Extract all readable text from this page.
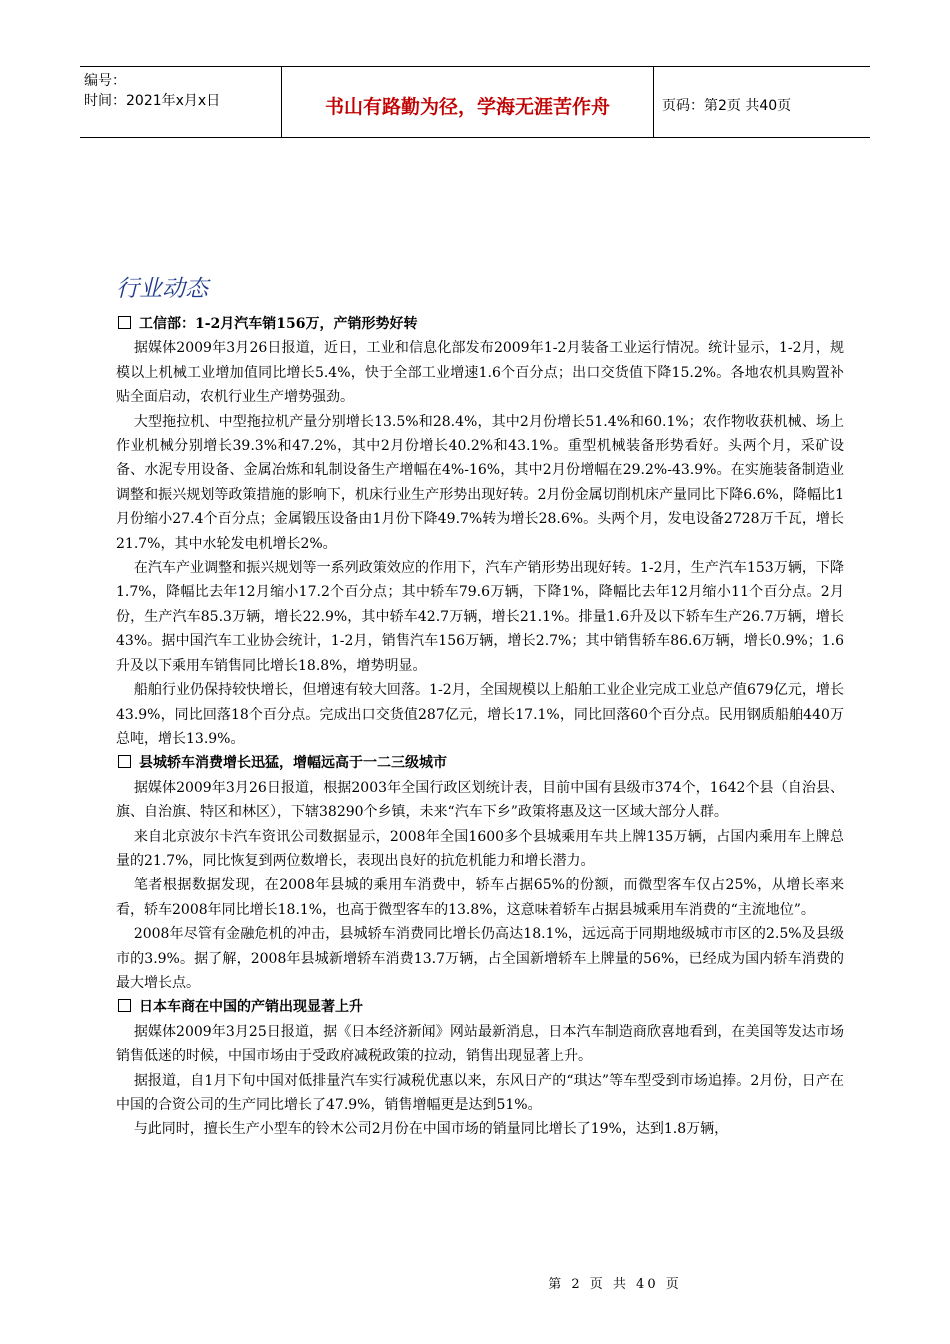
编号：
时间：2021年x月x日	书山有路勤为径，学海无涯苦作舟	页码：第2页 共40页
行业动态
工信部：1-2月汽车销156万，产销形势好转

据媒体2009年3月26日报道，近日，工业和信息化部发布2009年1-2月装备工业运行情况。统计显示，1-2月，规模以上机械工业增加值同比增长5.4%，快于全部工业增速1.6个百分点；出口交货值下降15.2%。各地农机具购置补贴全面启动，农机行业生产增势强劲。

大型拖拉机、中型拖拉机产量分别增长13.5%和28.4%，其中2月份增长51.4%和60.1%；农作物收获机械、场上作业机械分别增长39.3%和47.2%，其中2月份增长40.2%和43.1%。重型机械装备形势看好。头两个月，采矿设备、水泥专用设备、金属冶炼和轧制设备生产增幅在4%-16%，其中2月份增幅在29.2%-43.9%。在实施装备制造业调整和振兴规划等政策措施的影响下，机床行业生产形势出现好转。2月份金属切削机床产量同比下降6.6%，降幅比1月份缩小27.4个百分点；金属锻压设备由1月份下降49.7%转为增长28.6%。头两个月，发电设备2728万千瓦，增长21.7%，其中水轮发电机增长2%。

在汽车产业调整和振兴规划等一系列政策效应的作用下，汽车产销形势出现好转。1-2月，生产汽车153万辆，下降1.7%，降幅比去年12月缩小17.2个百分点；其中轿车79.6万辆，下降1%，降幅比去年12月缩小11个百分点。2月份，生产汽车85.3万辆，增长22.9%，其中轿车42.7万辆，增长21.1%。排量1.6升及以下轿车生产26.7万辆，增长43%。据中国汽车工业协会统计，1-2月，销售汽车156万辆，增长2.7%；其中销售轿车86.6万辆，增长0.9%；1.6升及以下乘用车销售同比增长18.8%，增势明显。

船舶行业仍保持较快增长，但增速有较大回落。1-2月，全国规模以上船舶工业企业完成工业总产值679亿元，增长43.9%，同比回落18个百分点。完成出口交货值287亿元，增长17.1%，同比回落60个百分点。民用钢质船舶440万总吨，增长13.9%。

县城轿车消费增长迅猛，增幅远高于一二三级城市

据媒体2009年3月26日报道，根据2003年全国行政区划统计表，目前中国有县级市374个，1642个县（自治县、旗、自治旗、特区和林区），下辖38290个乡镇，未来“汽车下乡”政策将惠及这一区域大部分人群。

来自北京波尔卡汽车资讯公司数据显示，2008年全国1600多个县城乘用车共上牌135万辆，占国内乘用车上牌总量的21.7%，同比恢复到两位数增长，表现出良好的抗危机能力和增长潜力。

笔者根据数据发现，在2008年县城的乘用车消费中，轿车占据65%的份额，而微型客车仅占25%，从增长率来看，轿车2008年同比增长18.1%，也高于微型客车的13.8%，这意味着轿车占据县城乘用车消费的“主流地位”。

2008年尽管有金融危机的冲击，县城轿车消费同比增长仍高达18.1%，远远高于同期地级城市市区的2.5%及县级市的3.9%。据了解，2008年县城新增轿车消费13.7万辆，占全国新增轿车上牌量的56%，已经成为国内轿车消费的最大增长点。

日本车商在中国的产销出现显著上升

据媒体2009年3月25日报道，据《日本经济新闻》网站最新消息，日本汽车制造商欣喜地看到，在美国等发达市场销售低迷的时候，中国市场由于受政府减税政策的拉动，销售出现显著上升。

据报道，自1月下旬中国对低排量汽车实行减税优惠以来，东风日产的“琪达”等车型受到市场追捧。2月份，日产在中国的合资公司的生产同比增长了47.9%，销售增幅更是达到51%。

与此同时，擅长生产小型车的铃木公司2月份在中国市场的销量同比增长了19%，达到1.8万辆，

第 2 页 共 40 页
